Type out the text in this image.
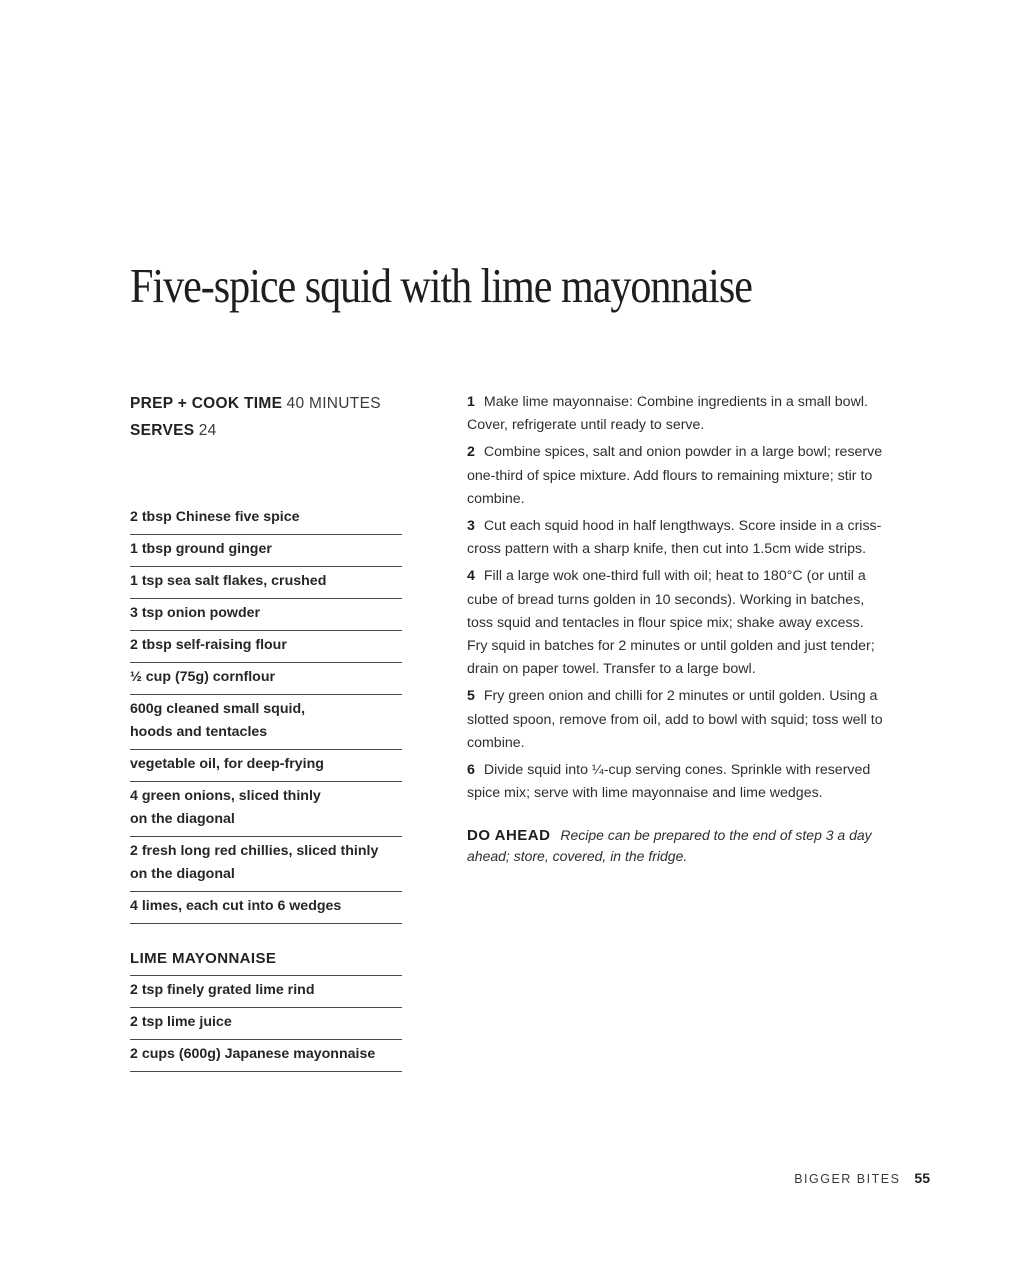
Five-spice squid with lime mayonnaise
PREP + COOK TIME 40 MINUTES
SERVES 24
2 tbsp Chinese five spice
1 tbsp ground ginger
1 tsp sea salt flakes, crushed
3 tsp onion powder
2 tbsp self-raising flour
½ cup (75g) cornflour
600g cleaned small squid,
hoods and tentacles
vegetable oil, for deep-frying
4 green onions, sliced thinly
on the diagonal
2 fresh long red chillies, sliced thinly
on the diagonal
4 limes, each cut into 6 wedges
LIME MAYONNAISE
2 tsp finely grated lime rind
2 tsp lime juice
2 cups (600g) Japanese mayonnaise

1 Make lime mayonnaise: Combine ingredients in a small bowl. Cover, refrigerate until ready to serve.

2 Combine spices, salt and onion powder in a large bowl; reserve one-third of spice mixture. Add flours to remaining mixture; stir to combine.

3 Cut each squid hood in half lengthways. Score inside in a criss-cross pattern with a sharp knife, then cut into 1.5cm wide strips.

4 Fill a large wok one-third full with oil; heat to 180°C (or until a cube of bread turns golden in 10 seconds). Working in batches, toss squid and tentacles in flour spice mix; shake away excess. Fry squid in batches for 2 minutes or until golden and just tender; drain on paper towel. Transfer to a large bowl.

5 Fry green onion and chilli for 2 minutes or until golden. Using a slotted spoon, remove from oil, add to bowl with squid; toss well to combine.

6 Divide squid into ¼-cup serving cones. Sprinkle with reserved spice mix; serve with lime mayonnaise and lime wedges.

DO AHEAD Recipe can be prepared to the end of step 3 a day ahead; store, covered, in the fridge.

BIGGER BITES 55
